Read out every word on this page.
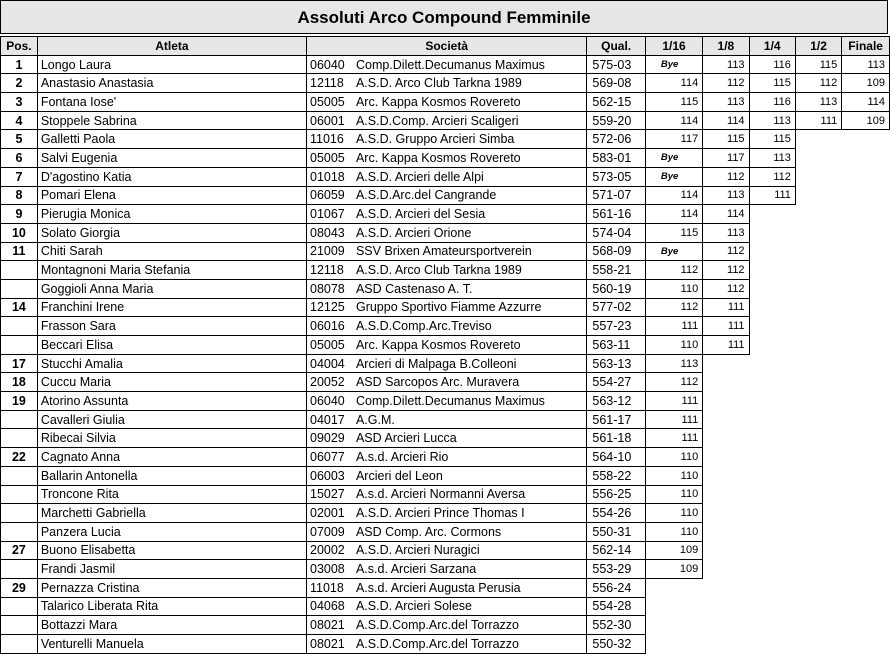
Assoluti Arco Compound Femminile
Pos.	Atleta	Società		Qual.	1/16	1/8	1/4	1/2	Finale
1	Longo Laura	06040	Comp.Dilett.Decumanus Maximus	575-03	Bye	113	116	115	113
2	Anastasio Anastasia	12118	A.S.D. Arco Club Tarkna 1989	569-08	114	112	115	112	109
3	Fontana Iose'	05005	Arc. Kappa Kosmos Rovereto	562-15	115	113	116	113	114
4	Stoppele Sabrina	06001	A.S.D.Comp. Arcieri Scaligeri	559-20	114	114	113	111	109
5	Galletti Paola	11016	A.S.D. Gruppo Arcieri Simba	572-06	117	115	115		
6	Salvi Eugenia	05005	Arc. Kappa Kosmos Rovereto	583-01	Bye	117	113		
7	D'agostino Katia	01018	A.S.D. Arcieri delle Alpi	573-05	Bye	112	112		
8	Pomari Elena	06059	A.S.D.Arc.del Cangrande	571-07	114	113	111		
9	Pierugia Monica	01067	A.S.D. Arcieri del Sesia	561-16	114	114			
10	Solato Giorgia	08043	A.S.D. Arcieri Orione	574-04	115	113			
11	Chiti Sarah	21009	SSV Brixen Amateursportverein	568-09	Bye	112			
	Montagnoni Maria Stefania	12118	A.S.D. Arco Club Tarkna 1989	558-21	112	112			
	Goggioli Anna Maria	08078	ASD Castenaso A. T.	560-19	110	112			
14	Franchini Irene	12125	Gruppo Sportivo Fiamme Azzurre	577-02	112	111			
	Frasson Sara	06016	A.S.D.Comp.Arc.Treviso	557-23	111	111			
	Beccari Elisa	05005	Arc. Kappa Kosmos Rovereto	563-11	110	111			
17	Stucchi Amalia	04004	Arcieri di Malpaga B.Colleoni	563-13	113				
18	Cuccu Maria	20052	ASD Sarcopos Arc. Muravera	554-27	112				
19	Atorino Assunta	06040	Comp.Dilett.Decumanus Maximus	563-12	111				
	Cavalleri Giulia	04017	A.G.M.	561-17	111				
	Ribecai Silvia	09029	ASD Arcieri Lucca	561-18	111				
22	Cagnato Anna	06077	A.s.d. Arcieri Rio	564-10	110				
	Ballarin Antonella	06003	Arcieri del Leon	558-22	110				
	Troncone Rita	15027	A.s.d. Arcieri Normanni Aversa	556-25	110				
	Marchetti Gabriella	02001	A.S.D. Arcieri Prince Thomas I	554-26	110				
	Panzera Lucia	07009	ASD Comp. Arc. Cormons	550-31	110				
27	Buono Elisabetta	20002	A.S.D. Arcieri Nuragici	562-14	109				
	Frandi Jasmil	03008	A.s.d. Arcieri Sarzana	553-29	109				
29	Pernazza Cristina	11018	A.s.d. Arcieri Augusta Perusia	556-24					
	Talarico Liberata Rita	04068	A.S.D. Arcieri Solese	554-28					
	Bottazzi Mara	08021	A.S.D.Comp.Arc.del Torrazzo	552-30					
	Venturelli Manuela	08021	A.S.D.Comp.Arc.del Torrazzo	550-32					
